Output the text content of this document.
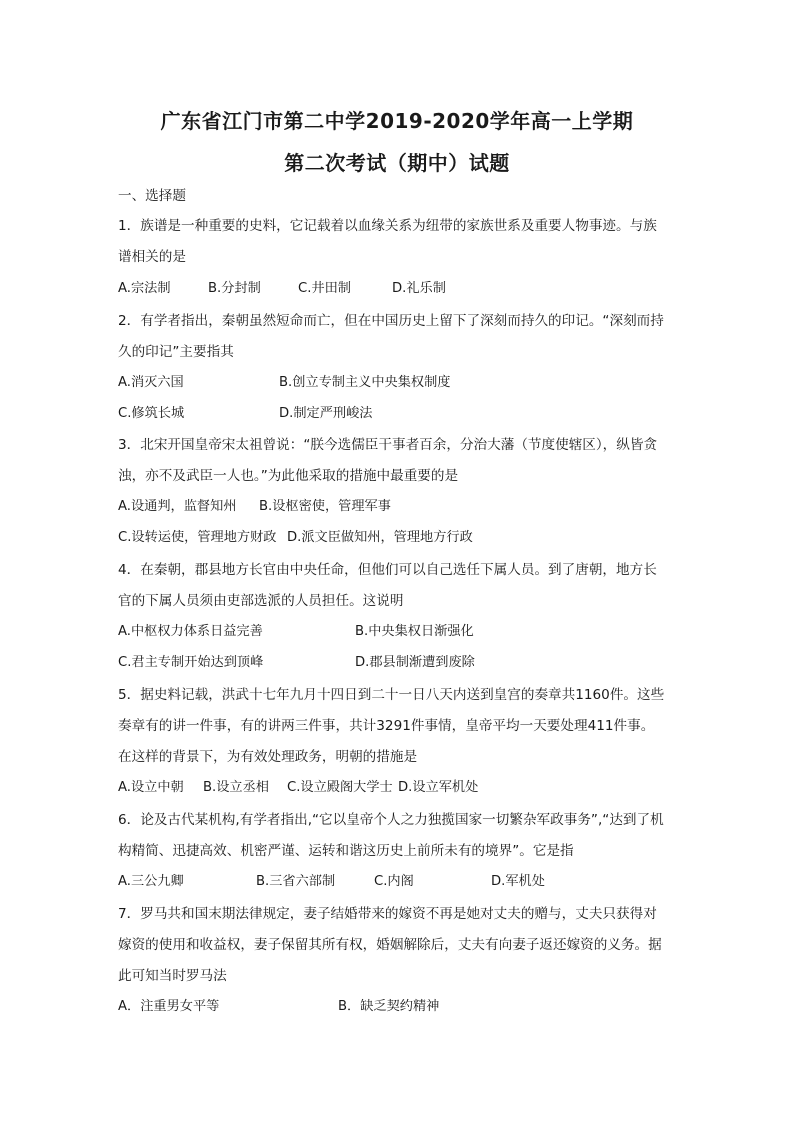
广东省江门市第二中学2019-2020学年高一上学期
第二次考试（期中）试题
一、选择题
1．族谱是一种重要的史料，它记载着以血缘关系为纽带的家族世系及重要人物事迹。与族
谱相关的是
A.宗法制	B.分封制	C.井田制	D.礼乐制
2．有学者指出，秦朝虽然短命而亡，但在中国历史上留下了深刻而持久的印记。“深刻而持
久的印记”主要指其
A.消灭六国	B.创立专制主义中央集权制度
C.修筑长城	D.制定严刑峻法
3．北宋开国皇帝宋太祖曾说：“朕今选儒臣干事者百余，分治大藩（节度使辖区），纵皆贪
浊，亦不及武臣一人也。”为此他采取的措施中最重要的是
A.设通判，监督知州 B.设枢密使，管理军事
C.设转运使，管理地方财政 D.派文臣做知州，管理地方行政
4．在秦朝，郡县地方长官由中央任命，但他们可以自己选任下属人员。到了唐朝，地方长
官的下属人员须由吏部选派的人员担任。这说明
A.中枢权力体系日益完善	B.中央集权日渐强化
C.君主专制开始达到顶峰	D.郡县制渐遭到废除
5．据史料记载，洪武十七年九月十四日到二十一日八天内送到皇宫的奏章共1160件。这些
奏章有的讲一件事，有的讲两三件事，共计3291件事情，皇帝平均一天要处理411件事。
在这样的背景下，为有效处理政务，明朝的措施是
A.设立中朝 B.设立丞相 C.设立殿阁大学士 D.设立军机处
6．论及古代某机构,有学者指出,“它以皇帝个人之力独揽国家一切繁杂军政事务”,“达到了机
构精简、迅捷高效、机密严谨、运转和谐这历史上前所未有的境界”。它是指
A.三公九卿	B.三省六部制	C.内阁	D.军机处
7．罗马共和国末期法律规定，妻子结婚带来的嫁资不再是她对丈夫的赠与，丈夫只获得对
嫁资的使用和收益权，妻子保留其所有权，婚姻解除后，丈夫有向妻子返还嫁资的义务。据
此可知当时罗马法
A．注重男女平等	B．缺乏契约精神
